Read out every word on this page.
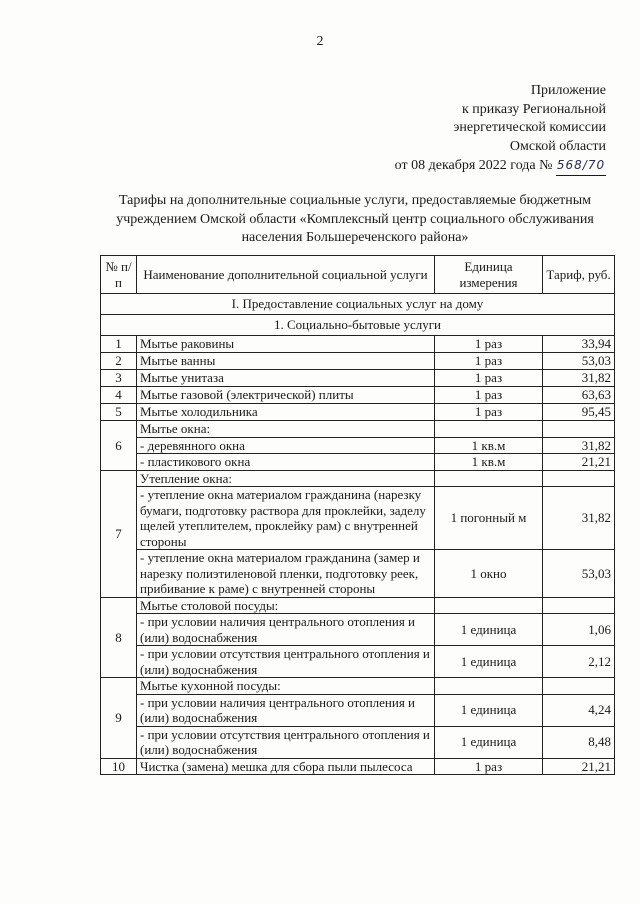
2
Приложение
к приказу Региональной
энергетической комиссии
Омской области
от 08 декабря 2022 года № 568/70
Тарифы на дополнительные социальные услуги, предоставляемые бюджетным учреждением Омской области «Комплексный центр социального обслуживания населения Большереченского района»
№ п/п	Наименование дополнительной социальной услуги	Единица измерения	Тариф, руб.
I. Предоставление социальных услуг на дому			
1. Социально-бытовые услуги			
1	Мытье раковины	1 раз	33,94
2	Мытье ванны	1 раз	53,03
3	Мытье унитаза	1 раз	31,82
4	Мытье газовой (электрической) плиты	1 раз	63,63
5	Мытье холодильника	1 раз	95,45
6	Мытье окна:		
	- деревянного окна	1 кв.м	31,82
	- пластикового окна	1 кв.м	21,21
7	Утепление окна:		
	- утепление окна материалом гражданина (нарезку бумаги, подготовку раствора для проклейки, заделу щелей утеплителем, проклейку рам) с внутренней стороны	1 погонный м	31,82
	- утепление окна материалом гражданина (замер и нарезку полиэтиленовой пленки, подготовку реек, прибивание к раме) с внутренней стороны	1 окно	53,03
8	Мытье столовой посуды:		
	- при условии наличия центрального отопления и (или) водоснабжения	1 единица	1,06
	- при условии отсутствия центрального отопления и (или) водоснабжения	1 единица	2,12
9	Мытье кухонной посуды:		
	- при условии наличия центрального отопления и (или) водоснабжения	1 единица	4,24
	- при условии отсутствия центрального отопления и (или) водоснабжения	1 единица	8,48
10	Чистка (замена) мешка для сбора пыли пылесоса	1 раз	21,21
